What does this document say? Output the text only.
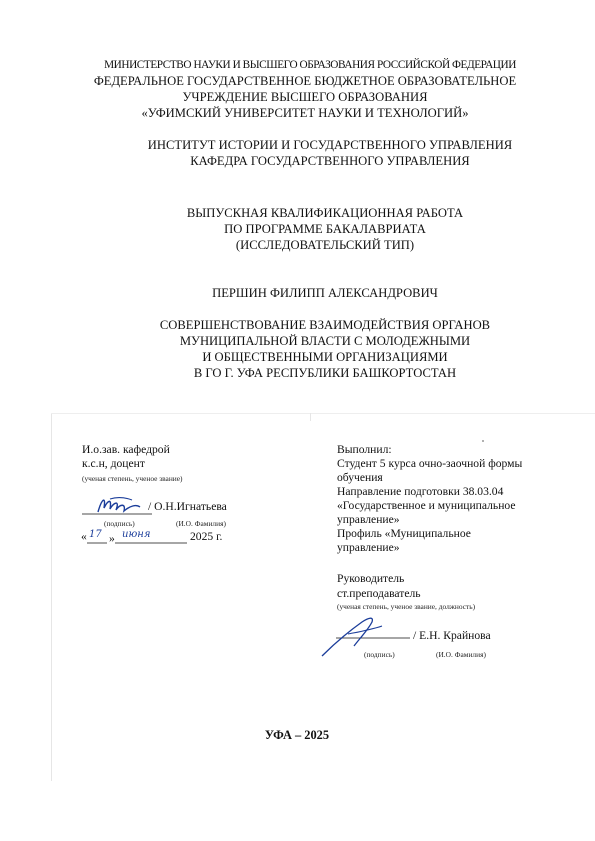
МИНИСТЕРСТВО НАУКИ И ВЫСШЕГО ОБРАЗОВАНИЯ РОССИЙСКОЙ ФЕДЕРАЦИИ
ФЕДЕРАЛЬНОЕ ГОСУДАРСТВЕННОЕ БЮДЖЕТНОЕ ОБРАЗОВАТЕЛЬНОЕ
УЧРЕЖДЕНИЕ ВЫСШЕГО ОБРАЗОВАНИЯ
«УФИМСКИЙ УНИВЕРСИТЕТ НАУКИ И ТЕХНОЛОГИЙ»
ИНСТИТУТ ИСТОРИИ И ГОСУДАРСТВЕННОГО УПРАВЛЕНИЯ
КАФЕДРА ГОСУДАРСТВЕННОГО УПРАВЛЕНИЯ
ВЫПУСКНАЯ КВАЛИФИКАЦИОННАЯ РАБОТА
ПО ПРОГРАММЕ БАКАЛАВРИАТА
(ИССЛЕДОВАТЕЛЬСКИЙ ТИП)
ПЕРШИН ФИЛИПП АЛЕКСАНДРОВИЧ
СОВЕРШЕНСТВОВАНИЕ ВЗАИМОДЕЙСТВИЯ ОРГАНОВ
МУНИЦИПАЛЬНОЙ ВЛАСТИ С МОЛОДЕЖНЫМИ
И ОБЩЕСТВЕННЫМИ ОРГАНИЗАЦИЯМИ
В ГО Г. УФА РЕСПУБЛИКИ БАШКОРТОСТАН
И.о.зав. кафедрой
к.с.н, доцент
(ученая степень, ученое звание)
/ О.Н.Игнатьева
(подпись)	(И.О. Фамилия)
« »
17 июня	2025 г.
Выполнил:
Студент 5 курса очно-заочной формы
обучения
Направление подготовки 38.03.04
«Государственное и муниципальное
управление»
Профиль «Муниципальное
управление»
Руководитель
ст.преподаватель
(ученая степень, ученое звание, должность)
/ Е.Н. Крайнова
(подпись)	(И.О. Фамилия)
УФА – 2025
